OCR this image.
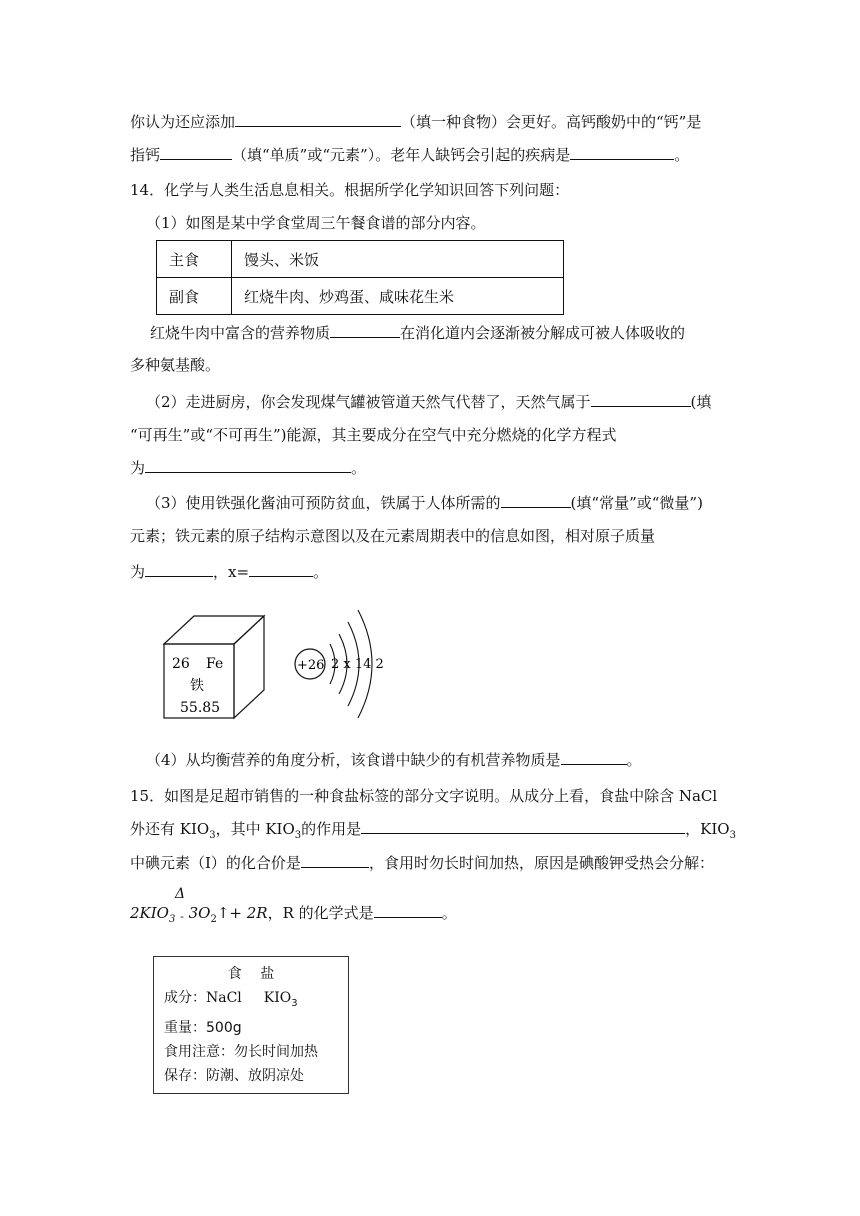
你认为还应添加	（填一种食物）会更好。高钙酸奶中的“钙”是
指钙	（填“单质”或“元素”）。老年人缺钙会引起的疾病是	。
14．化学与人类生活息息相关。根据所学化学知识回答下列问题：
（1）如图是某中学食堂周三午餐食谱的部分内容。
主食	馒头、米饭
副食	红烧牛肉、炒鸡蛋、咸味花生米
红烧牛肉中富含的营养物质	在消化道内会逐渐被分解成可被人体吸收的
多种氨基酸。
（2）走进厨房，你会发现煤气罐被管道天然气代替了，天然气属于	(填
“可再生”或“不可再生”)能源，其主要成分在空气中充分燃烧的化学方程式
为	。
（3）使用铁强化酱油可预防贫血，铁属于人体所需的	(填“常量”或“微量”)
元素；铁元素的原子结构示意图以及在元素周期表中的信息如图，相对原子质量
为	，x=	。
26 Fe
铁
55.85
+26 2 x 14 2
（4）从均衡营养的角度分析，该食谱中缺少的有机营养物质是	。
15．如图是足超市销售的一种食盐标签的部分文字说明。从成分上看，食盐中除含 NaCl
外还有 $KIO_3$，其中 $KIO_3$的作用是	，$KIO_3$
中碘元素（I）的化合价是	，食用时勿长时间加热，原因是碘酸钾受热会分解：
Δ
$2KIO_3$ ‐ $3O_2↑+ 2R$，R 的化学式是	。
食　 盐
成分：NaCl $KIO_3$
重量：500g
食用注意：勿长时间加热
保存：防潮、放阴凉处
